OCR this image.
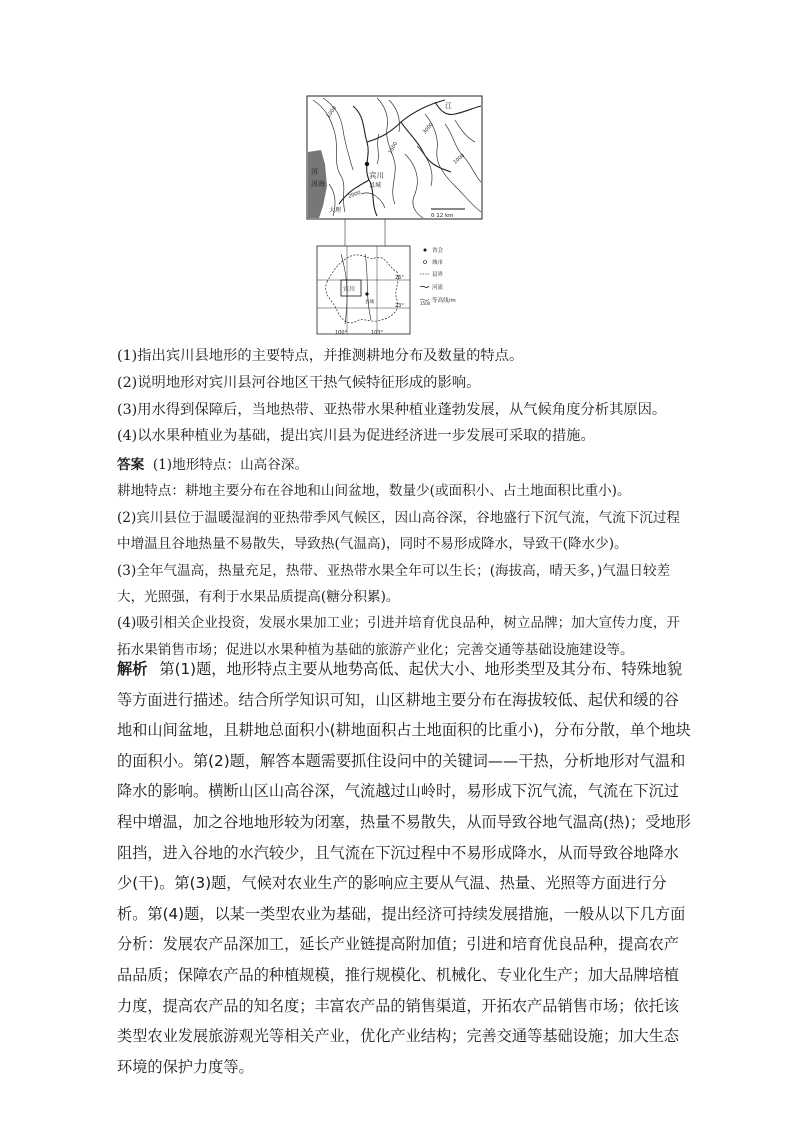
宾川
县城
洱
洱海
大理
江
1000
1500
2000
1000
3000
0 12 km
宾川
县城
26°
23°
100°	103°
省会
城市
县界
河流
1500 等高线/m

(1)指出宾川县地形的主要特点，并推测耕地分布及数量的特点。

(2)说明地形对宾川县河谷地区干热气候特征形成的影响。

(3)用水得到保障后，当地热带、亚热带水果种植业蓬勃发展，从气候角度分析其原因。

(4)以水果种植业为基础，提出宾川县为促进经济进一步发展可采取的措施。

答案 (1)地形特点：山高谷深。

耕地特点：耕地主要分布在谷地和山间盆地，数量少(或面积小、占土地面积比重小)。

(2)宾川县位于温暖湿润的亚热带季风气候区，因山高谷深，谷地盛行下沉气流，气流下沉过程中增温且谷地热量不易散失，导致热(气温高)，同时不易形成降水，导致干(降水少)。

(3)全年气温高，热量充足，热带、亚热带水果全年可以生长；(海拔高，晴天多，)气温日较差大，光照强，有利于水果品质提高(糖分积累)。

(4)吸引相关企业投资，发展水果加工业；引进并培育优良品种，树立品牌；加大宣传力度，开拓水果销售市场；促进以水果种植为基础的旅游产业化；完善交通等基础设施建设等。

解析 第(1)题，地形特点主要从地势高低、起伏大小、地形类型及其分布、特殊地貌等方面进行描述。结合所学知识可知，山区耕地主要分布在海拔较低、起伏和缓的谷地和山间盆地，且耕地总面积小(耕地面积占土地面积的比重小)，分布分散，单个地块的面积小。第(2)题，解答本题需要抓住设问中的关键词——干热，分析地形对气温和降水的影响。横断山区山高谷深，气流越过山岭时，易形成下沉气流，气流在下沉过程中增温，加之谷地地形较为闭塞，热量不易散失，从而导致谷地气温高(热)；受地形阻挡，进入谷地的水汽较少，且气流在下沉过程中不易形成降水，从而导致谷地降水少(干)。第(3)题，气候对农业生产的影响应主要从气温、热量、光照等方面进行分析。第(4)题，以某一类型农业为基础，提出经济可持续发展措施，一般从以下几方面分析：发展农产品深加工，延长产业链提高附加值；引进和培育优良品种，提高农产品品质；保障农产品的种植规模，推行规模化、机械化、专业化生产；加大品牌培植力度，提高农产品的知名度；丰富农产品的销售渠道，开拓农产品销售市场；依托该类型农业发展旅游观光等相关产业，优化产业结构；完善交通等基础设施；加大生态环境的保护力度等。
